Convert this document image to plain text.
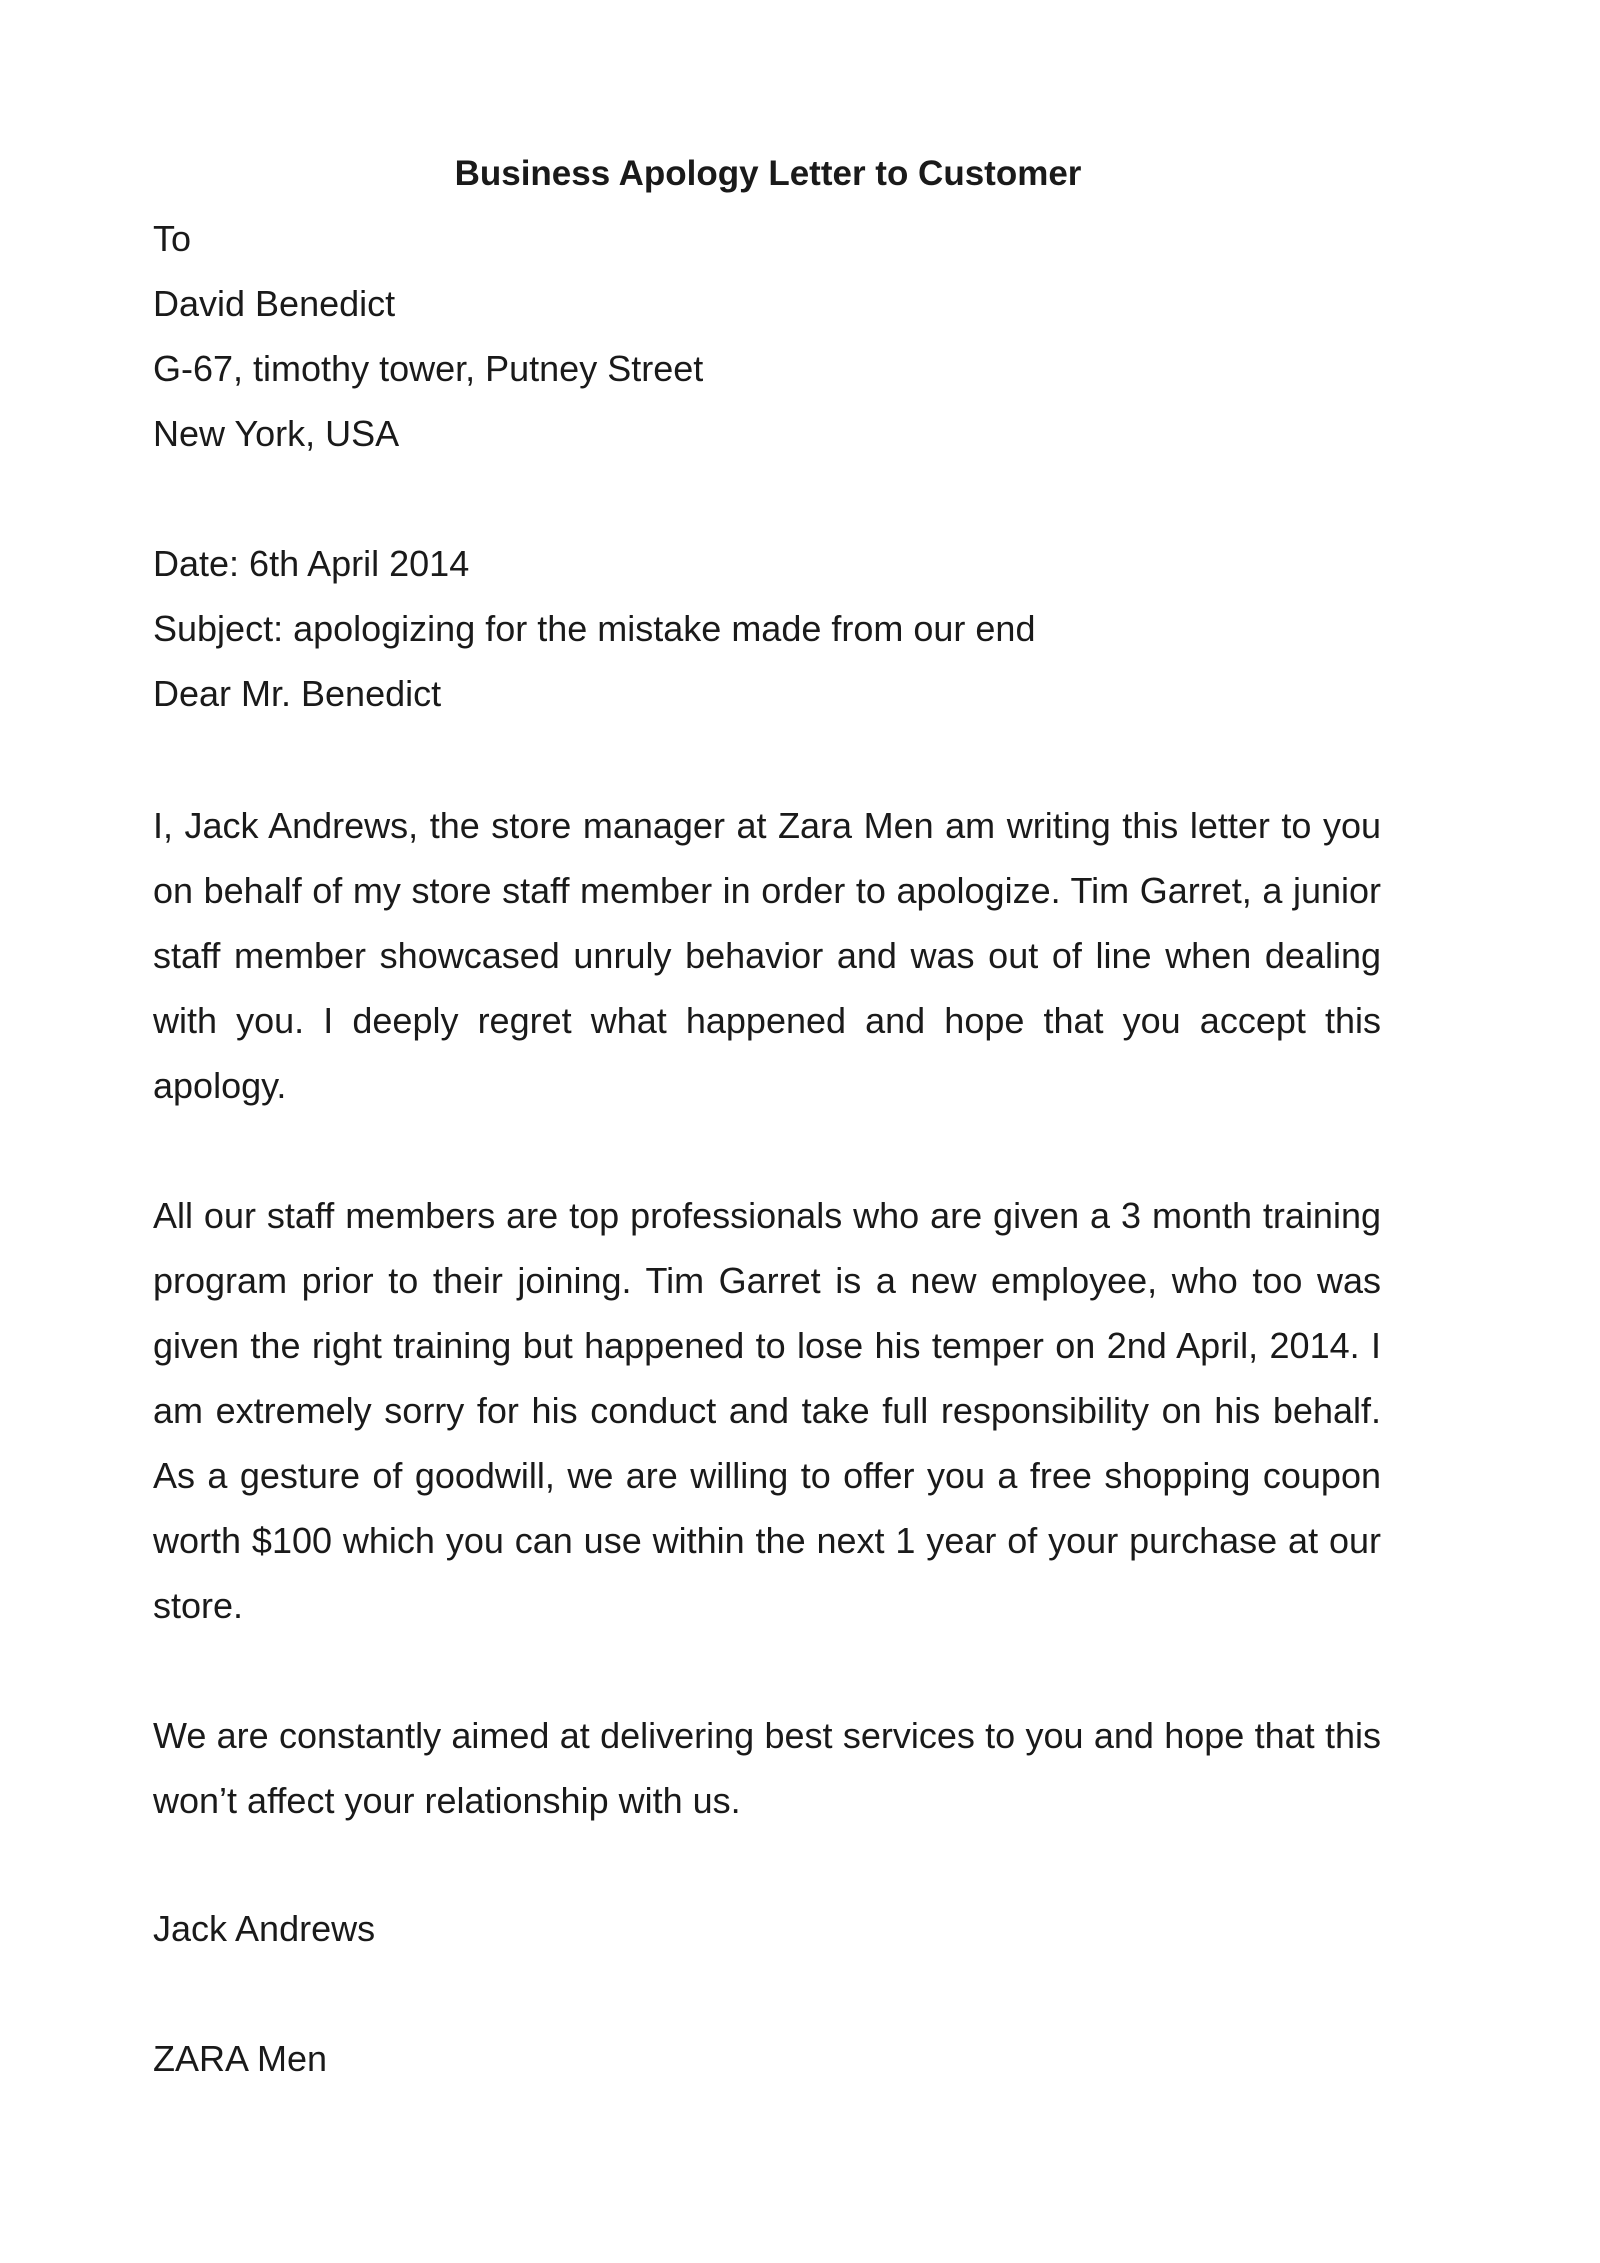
Business Apology Letter to Customer
To
David Benedict
G-67, timothy tower, Putney Street
New York, USA
Date: 6th April 2014
Subject: apologizing for the mistake made from our end
Dear Mr. Benedict

I, Jack Andrews, the store manager at Zara Men am writing this letter to you on behalf of my store staff member in order to apologize. Tim Garret, a junior staff member showcased unruly behavior and was out of line when dealing with you. I deeply regret what happened and hope that you accept this apology.

All our staff members are top professionals who are given a 3 month training program prior to their joining. Tim Garret is a new employee, who too was given the right training but happened to lose his temper on 2nd April, 2014. I am extremely sorry for his conduct and take full responsibility on his behalf. As a gesture of goodwill, we are willing to offer you a free shopping coupon worth $100 which you can use within the next 1 year of your purchase at our store.

We are constantly aimed at delivering best services to you and hope that this won’t affect your relationship with us.

Jack Andrews
ZARA Men
